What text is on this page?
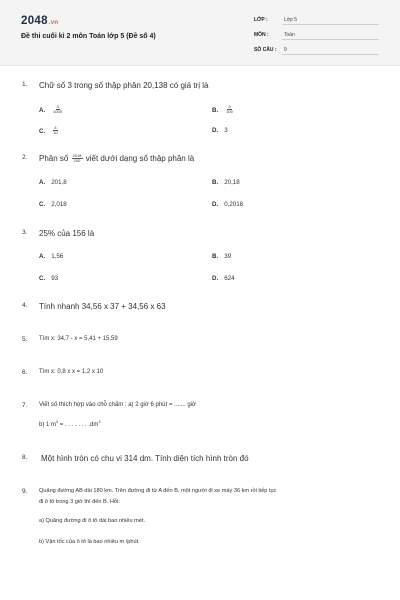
2048.vn
Đề thi cuối kì 2 môn Toán lớp 5 (Đề số 4)
LỚP :	Lớp 5
MÔN :	Toán
SỐ CÂU : 9
1. Chữ số 3 trong số thập phân 20,138 có giá trị là
A. $\frac{3}{1000}$	B. $\frac{3}{100}$
C. $\frac{3}{10}$	D. 3
2. Phân số $\frac{2018}{100}$ viết dưới dạng số thập phân là
A. 201,8	B. 20,18
C. 2,018	D. 0,2018
3. 25% của 156 là
A. 1,56	B. 39
C. 93	D. 624
4. Tính nhanh 34,56 x 37 + 34,56 x 63
5. Tìm x: 34,7 - x = 5,41 + 15,59
6. Tìm x: 0,8 x x = 1,2 x 10
7. Viết số thích hợp vào chỗ chấm : a) 2 giờ 6 phút = ....... giờ
b) 1 $m^3$ = . . . . . . . $.dm^3$
8. Một hình tròn có chu vi 314 dm. Tính diện tích hình tròn đó
9. Quãng đường AB dài 180 km. Trên đường đi từ A đến B, một người đi xe máy 36 km rồi tiếp tục
đi ô tô trong 3 giờ thì đến B. Hỏi:
a) Quãng đường đi ô tô dài bao nhiêu mét.
b) Vận tốc của ô tô là bao nhiêu m /phút.
